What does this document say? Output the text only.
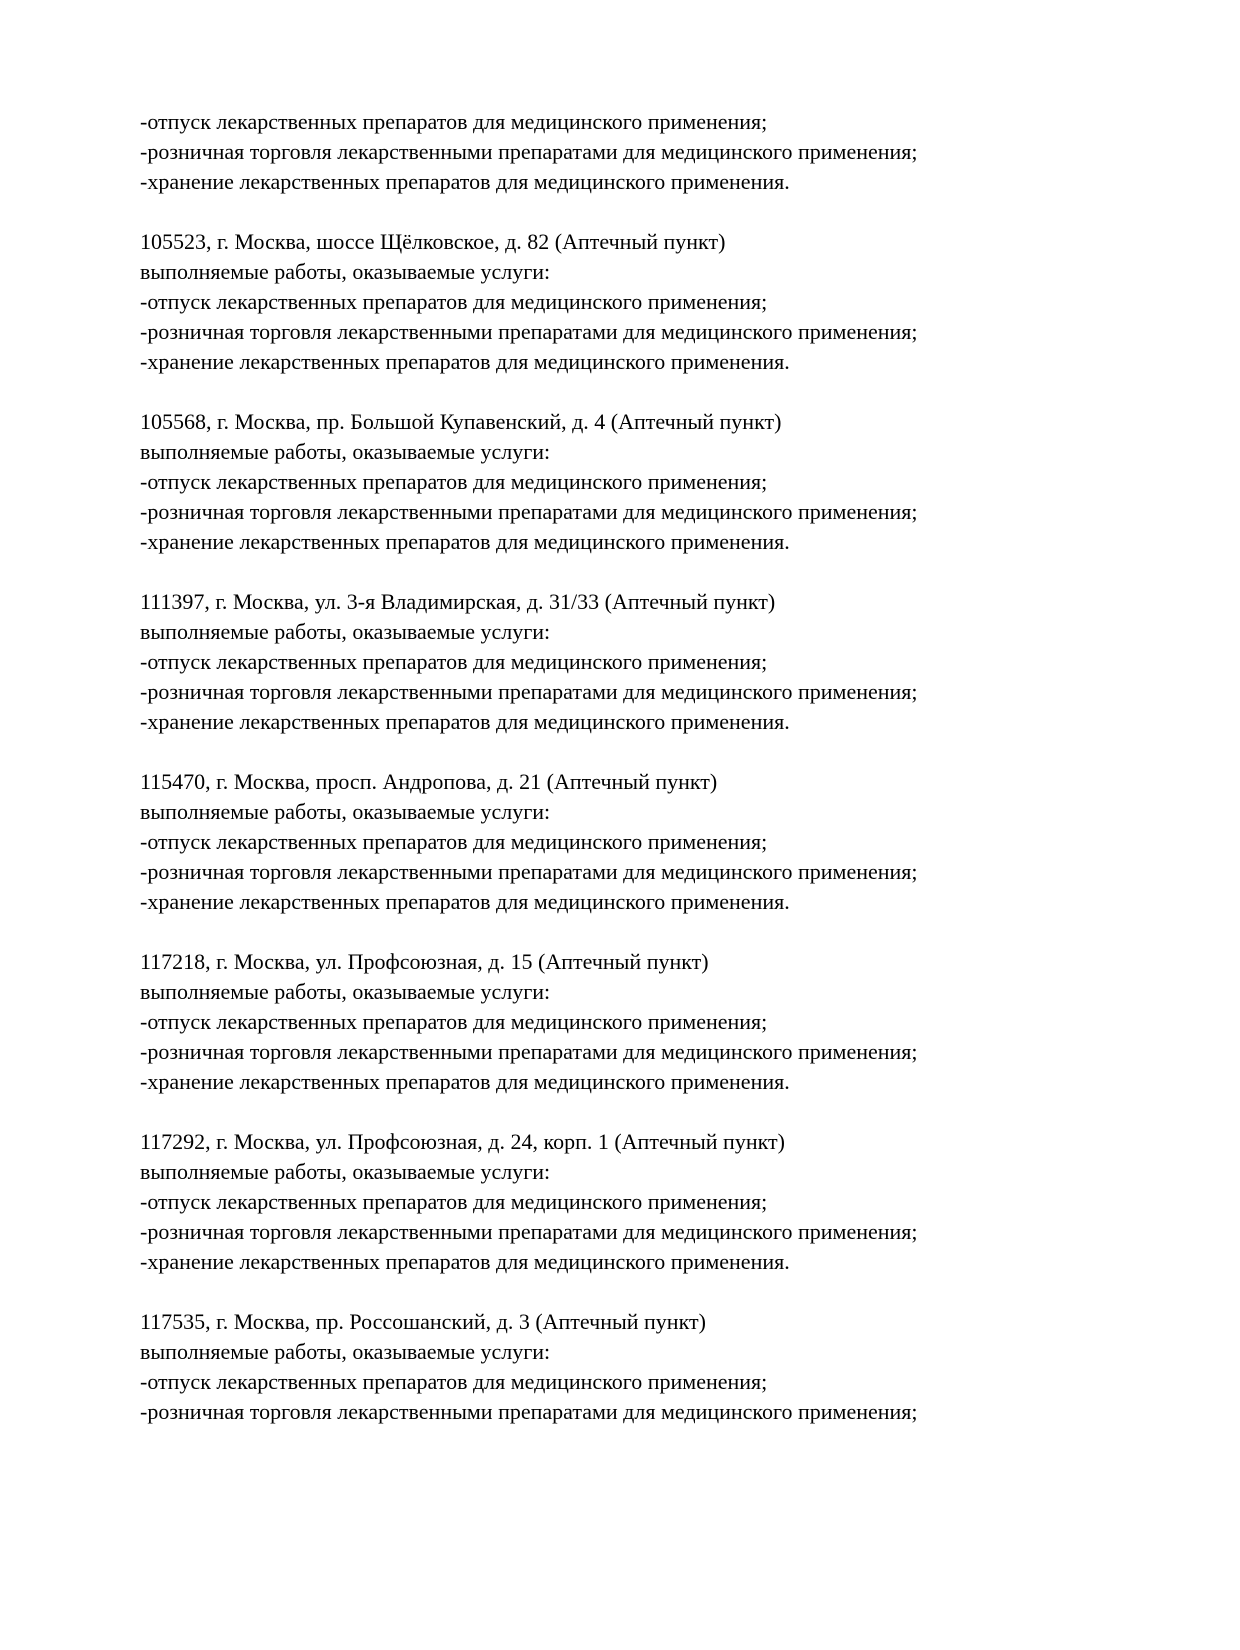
-отпуск лекарственных препаратов для медицинского применения;

-розничная торговля лекарственными препаратами для медицинского применения;

-хранение лекарственных препаратов для медицинского применения.

105523, г. Москва, шоссе Щёлковское, д. 82 (Аптечный пункт)

выполняемые работы, оказываемые услуги:

-отпуск лекарственных препаратов для медицинского применения;

-розничная торговля лекарственными препаратами для медицинского применения;

-хранение лекарственных препаратов для медицинского применения.

105568, г. Москва, пр. Большой Купавенский, д. 4 (Аптечный пункт)

выполняемые работы, оказываемые услуги:

-отпуск лекарственных препаратов для медицинского применения;

-розничная торговля лекарственными препаратами для медицинского применения;

-хранение лекарственных препаратов для медицинского применения.

111397, г. Москва, ул. 3-я Владимирская, д. 31/33 (Аптечный пункт)

выполняемые работы, оказываемые услуги:

-отпуск лекарственных препаратов для медицинского применения;

-розничная торговля лекарственными препаратами для медицинского применения;

-хранение лекарственных препаратов для медицинского применения.

115470, г. Москва, просп. Андропова, д. 21 (Аптечный пункт)

выполняемые работы, оказываемые услуги:

-отпуск лекарственных препаратов для медицинского применения;

-розничная торговля лекарственными препаратами для медицинского применения;

-хранение лекарственных препаратов для медицинского применения.

117218, г. Москва, ул. Профсоюзная, д. 15 (Аптечный пункт)

выполняемые работы, оказываемые услуги:

-отпуск лекарственных препаратов для медицинского применения;

-розничная торговля лекарственными препаратами для медицинского применения;

-хранение лекарственных препаратов для медицинского применения.

117292, г. Москва, ул. Профсоюзная, д. 24, корп. 1 (Аптечный пункт)

выполняемые работы, оказываемые услуги:

-отпуск лекарственных препаратов для медицинского применения;

-розничная торговля лекарственными препаратами для медицинского применения;

-хранение лекарственных препаратов для медицинского применения.

117535, г. Москва, пр. Россошанский, д. 3 (Аптечный пункт)

выполняемые работы, оказываемые услуги:

-отпуск лекарственных препаратов для медицинского применения;

-розничная торговля лекарственными препаратами для медицинского применения;
